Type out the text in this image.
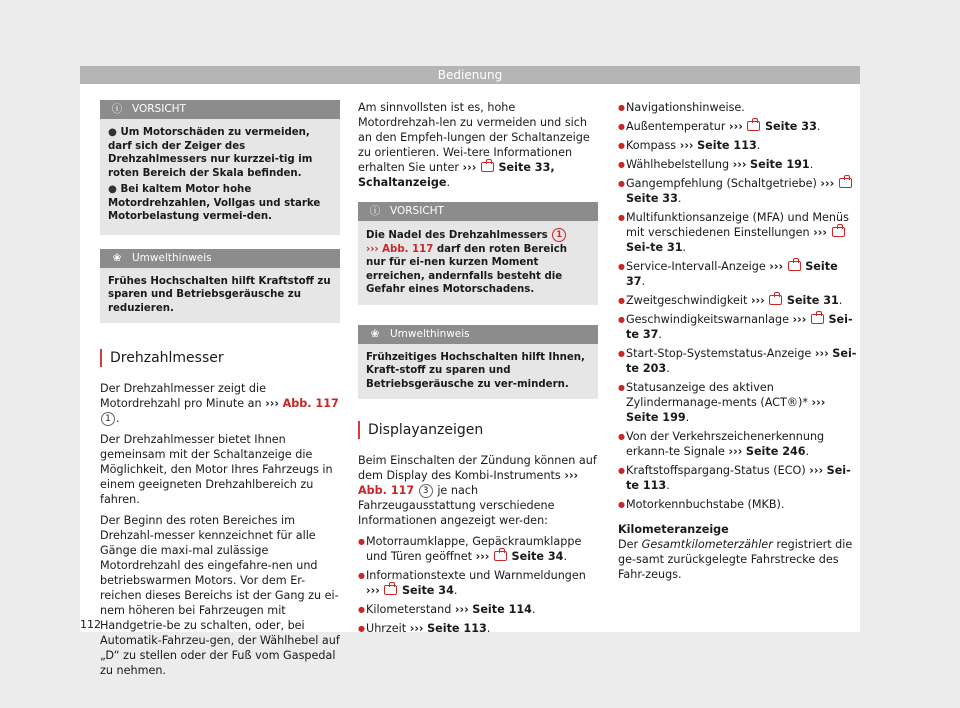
Bedienung
ⓘ VORSICHT
● Um Motorschäden zu vermeiden, darf sich der Zeiger des Drehzahlmessers nur kurzzei-tig im roten Bereich der Skala befinden.
● Bei kaltem Motor hohe Motordrehzahlen, Vollgas und starke Motorbelastung vermei-den.
❀ Umwelthinweis
Frühes Hochschalten hilft Kraftstoff zu sparen und Betriebsgeräusche zu reduzieren.
Drehzahlmesser

Der Drehzahlmesser zeigt die Motordrehzahl pro Minute an ››› Abb. 117 1 .

Der Drehzahlmesser bietet Ihnen gemeinsam mit der Schaltanzeige die Möglichkeit, den Motor Ihres Fahrzeugs in einem geeigneten Drehzahlbereich zu fahren.

Der Beginn des roten Bereiches im Drehzahl-messer kennzeichnet für alle Gänge die maxi-mal zulässige Motordrehzahl des eingefahre-nen und betriebswarmen Motors. Vor dem Er-reichen dieses Bereichs ist der Gang zu ei-nem höheren bei Fahrzeugen mit Handgetrie-be zu schalten, oder, bei Automatik-Fahrzeu-gen, der Wählhebel auf „D“ zu stellen oder der Fuß vom Gaspedal zu nehmen.

Am sinnvollsten ist es, hohe Motordrehzah-len zu vermeiden und sich an den Empfeh-lungen der Schaltanzeige zu orientieren. Wei-tere Informationen erhalten Sie unter ››› Seite 33, Schaltanzeige.

ⓘ VORSICHT
Die Nadel des Drehzahlmessers 1
››› Abb. 117 darf den roten Bereich nur für ei-nen kurzen Moment erreichen, andernfalls besteht die Gefahr eines Motorschadens.
❀ Umwelthinweis
Frühzeitiges Hochschalten hilft Ihnen, Kraft-stoff zu sparen und Betriebsgeräusche zu ver-mindern.
Displayanzeigen

Beim Einschalten der Zündung können auf dem Display des Kombi-Instruments ››› Abb. 117 3 je nach Fahrzeugausstattung verschiedene Informationen angezeigt wer-den:

● Motorraumklappe, Gepäckraumklappe und Türen geöffnet ››› Seite 34.
● Informationstexte und Warnmeldungen ››› Seite 34.
● Kilometerstand ››› Seite 114.
● Uhrzeit ››› Seite 113.
● Navigationshinweise.
● Außentemperatur ››› Seite 33.
● Kompass ››› Seite 113.
● Wählhebelstellung ››› Seite 191.
● Gangempfehlung (Schaltgetriebe) ›››  Seite 33.
● Multifunktionsanzeige (MFA) und Menüs mit verschiedenen Einstellungen ›››  Sei-te 31.
● Service-Intervall-Anzeige ››› Seite 37.
● Zweitgeschwindigkeit ››› Seite 31.
● Geschwindigkeitswarnanlage ››› Sei-te 37.
● Start-Stop-Systemstatus-Anzeige ››› Sei-te 203.
● Statusanzeige des aktiven Zylindermanage-ments (ACT®)* ››› Seite 199.
● Von der Verkehrszeichenerkennung erkann-te Signale ››› Seite 246.
● Kraftstoffspargang-Status (ECO) ››› Sei-te 113.
● Motorkennbuchstabe (MKB).
Kilometeranzeige

Der Gesamtkilometerzähler registriert die ge-samt zurückgelegte Fahrstrecke des Fahr-zeugs.

112
